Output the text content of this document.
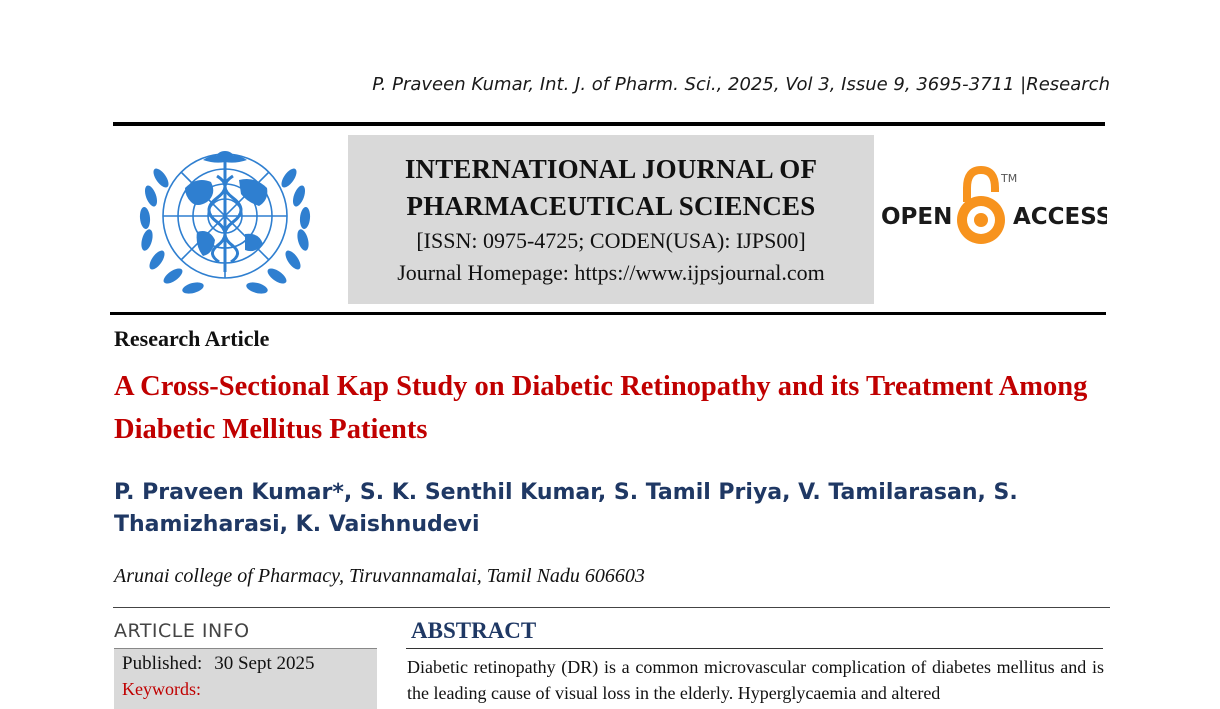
P. Praveen Kumar, Int. J. of Pharm. Sci., 2025, Vol 3, Issue 9, 3695-3711 |Research
INTERNATIONAL JOURNAL OF
PHARMACEUTICAL SCIENCES
[ISSN: 0975-4725; CODEN(USA): IJPS00]
Journal Homepage: https://www.ijpsjournal.com
OPEN
TM
ACCESS
Research Article
A Cross-Sectional Kap Study on Diabetic Retinopathy and its Treatment Among Diabetic Mellitus Patients
P. Praveen Kumar*, S. K. Senthil Kumar, S. Tamil Priya, V. Tamilarasan, S. Thamizharasi, K. Vaishnudevi
Arunai college of Pharmacy, Tiruvannamalai, Tamil Nadu 606603
ARTICLE INFO
Published: 30 Sept 2025
Keywords:
ABSTRACT
Diabetic retinopathy (DR) is a common microvascular complication of diabetes mellitus and is the leading cause of visual loss in the elderly. Hyperglycaemia and altered
